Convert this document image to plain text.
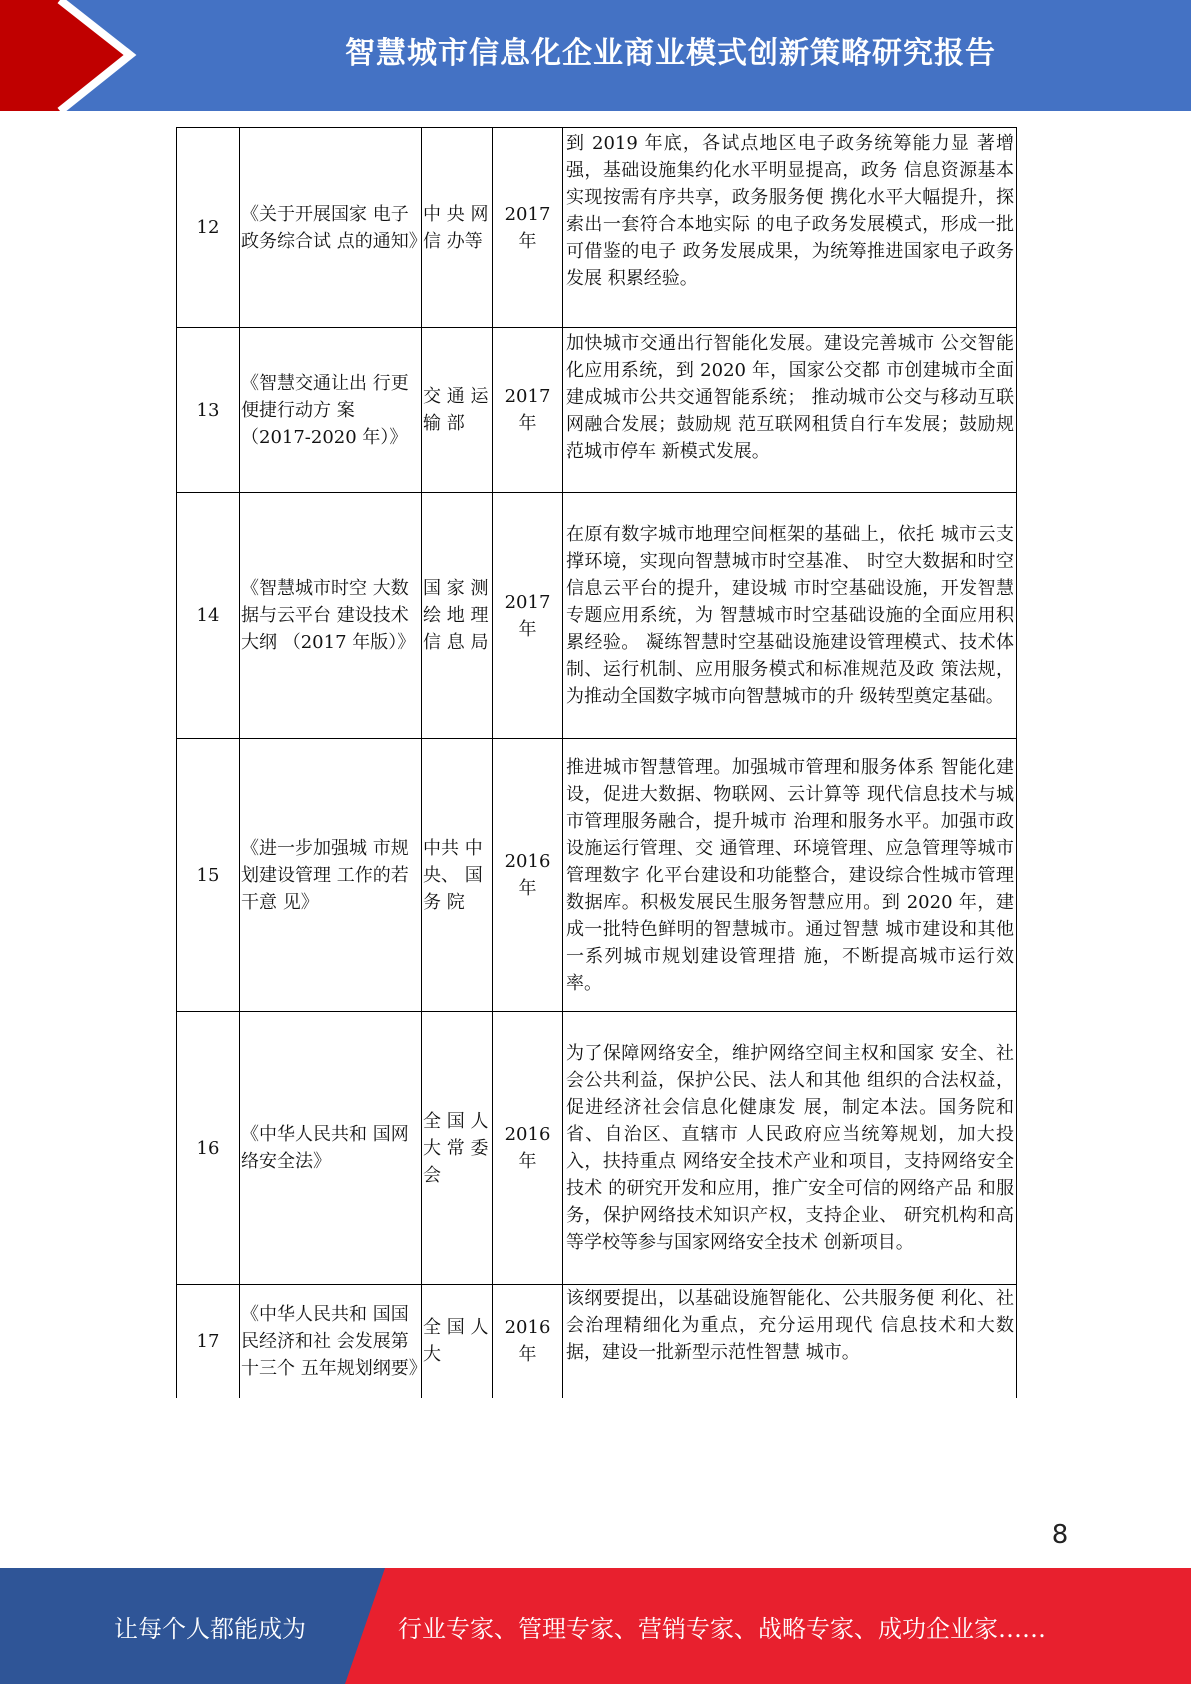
智慧城市信息化企业商业模式创新策略研究报告
12	《关于开展国家 电子政务综合试 点的通知》	中 央 网 信 办等	2017 年	到 2019 年底，各试点地区电子政务统筹能力显 著增强，基础设施集约化水平明显提高，政务 信息资源基本实现按需有序共享，政务服务便 携化水平大幅提升，探索出一套符合本地实际 的电子政务发展模式，形成一批可借鉴的电子 政务发展成果，为统筹推进国家电子政务发展 积累经验。

13	《智慧交通让出 行更便捷行动方 案（2017-2020 年）》	交 通 运 输 部	2017 年	加快城市交通出行智能化发展。建设完善城市 公交智能化应用系统，到 2020 年，国家公交都 市创建城市全面建成城市公共交通智能系统； 推动城市公交与移动互联网融合发展；鼓励规 范互联网租赁自行车发展；鼓励规范城市停车 新模式发展。

14	《智慧城市时空 大数据与云平台 建设技术大纲 （2017 年版）》	国 家 测 绘 地 理 信 息 局	2017 年	在原有数字城市地理空间框架的基础上，依托 城市云支撑环境，实现向智慧城市时空基准、 时空大数据和时空信息云平台的提升，建设城 市时空基础设施，开发智慧专题应用系统，为 智慧城市时空基础设施的全面应用积累经验。 凝练智慧时空基础设施建设管理模式、技术体 制、运行机制、应用服务模式和标准规范及政 策法规，为推动全国数字城市向智慧城市的升 级转型奠定基础。

15	《进一步加强城 市规划建设管理 工作的若干意 见》	中共 中 央、 国务 院	2016 年	推进城市智慧管理。加强城市管理和服务体系 智能化建设，促进大数据、物联网、云计算等 现代信息技术与城市管理服务融合，提升城市 治理和服务水平。加强市政设施运行管理、交 通管理、环境管理、应急管理等城市管理数字 化平台建设和功能整合，建设综合性城市管理 数据库。积极发展民生服务智慧应用。到 2020 年，建成一批特色鲜明的智慧城市。通过智慧 城市建设和其他一系列城市规划建设管理措 施，不断提高城市运行效率。

16	《中华人民共和 国网络安全法》	全 国 人 大 常 委 会	2016 年	为了保障网络安全，维护网络空间主权和国家 安全、社会公共利益，保护公民、法人和其他 组织的合法权益，促进经济社会信息化健康发 展，制定本法。国务院和省、自治区、直辖市 人民政府应当统筹规划，加大投入，扶持重点 网络安全技术产业和项目，支持网络安全技术 的研究开发和应用，推广安全可信的网络产品 和服务，保护网络技术知识产权，支持企业、 研究机构和高等学校等参与国家网络安全技术 创新项目。

17	《中华人民共和 国国民经济和社 会发展第十三个 五年规划纲要》	全 国 人大	2016 年	该纲要提出，以基础设施智能化、公共服务便 利化、社会治理精细化为重点，充分运用现代 信息技术和大数据，建设一批新型示范性智慧 城市。
8
让每个人都能成为	行业专家、管理专家、营销专家、战略专家、成功企业家……
